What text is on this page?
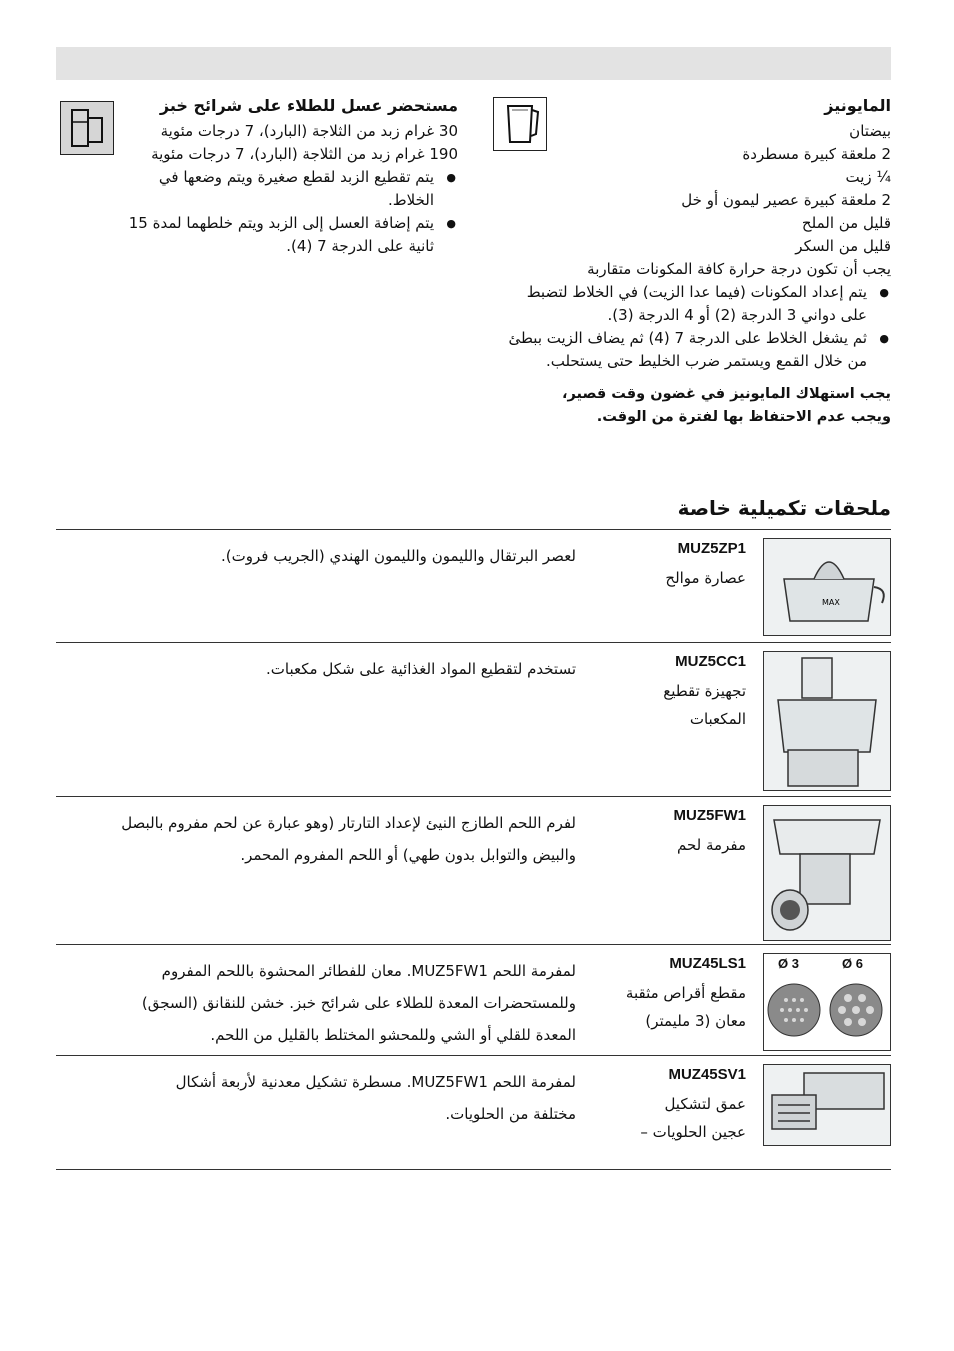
المايونيز
بيضتان
2 ملعقة كبيرة مسطردة
¼ زيت
2 ملعقة كبيرة عصير ليمون أو خل
قليل من الملح
قليل من السكر
يجب أن تكون درجة حرارة كافة المكونات متقاربة
● يتم إعداد المكونات (فيما عدا الزيت) في الخلاط لتضبط على دواني 3 الدرجة (2) أو 4 الدرجة (3).
● ثم يشغل الخلاط على الدرجة 7 (4) ثم يضاف الزيت ببطئ من خلال القمع ويستمر ضرب الخليط حتى يستحلب.
يجب استهلاك المايونيز في غضون وقت قصير،
ويجب عدم الاحتفاظ بها لفترة من الوقت.
مستحضر عسل للطلاء على شرائح خبز
30 غرام زبد من الثلاجة (البارد)، 7 درجات مئوية
190 غرام زبد من الثلاجة (البارد)، 7 درجات مئوية
● يتم تقطيع الزبد لقطع صغيرة ويتم وضعها في الخلاط.
● يتم إضافة العسل إلى الزبد ويتم خلطهما لمدة 15 ثانية على الدرجة 7 (4).
ملحقات تكميلية خاصة
MUZ5ZP1
عصارة موالح
لعصر البرتقال والليمون والليمون الهندي (الجريب فروت).
MAX
MUZ5CC1
تجهيزة تقطيع
المكعبات
تستخدم لتقطيع المواد الغذائية على شكل مكعبات.
MUZ5FW1
مفرمة لحم
لفرم اللحم الطازج النيئ لإعداد التارتار (وهو عبارة عن لحم مفروم بالبصل
والبيض والتوابل بدون طهي) أو اللحم المفروم المحمر.
MUZ45LS1
مقطع أقراص مثقبة
معان (3 مليمتر)
لمفرمة اللحم MUZ5FW1. معان للفطائر المحشوة باللحم المفروم
وللمستحضرات المعدة للطلاء على شرائح خبز. خشن للنقانق (السجق)
المعدة للقلي أو الشي وللمحشو المختلط بالقليل من اللحم.
Ø 3	Ø 6
MUZ45SV1
عمق لتشكيل
عجين الحلويات –
لمفرمة اللحم MUZ5FW1. مسطرة تشكيل معدنية لأربعة أشكال
مختلفة من الحلويات.
